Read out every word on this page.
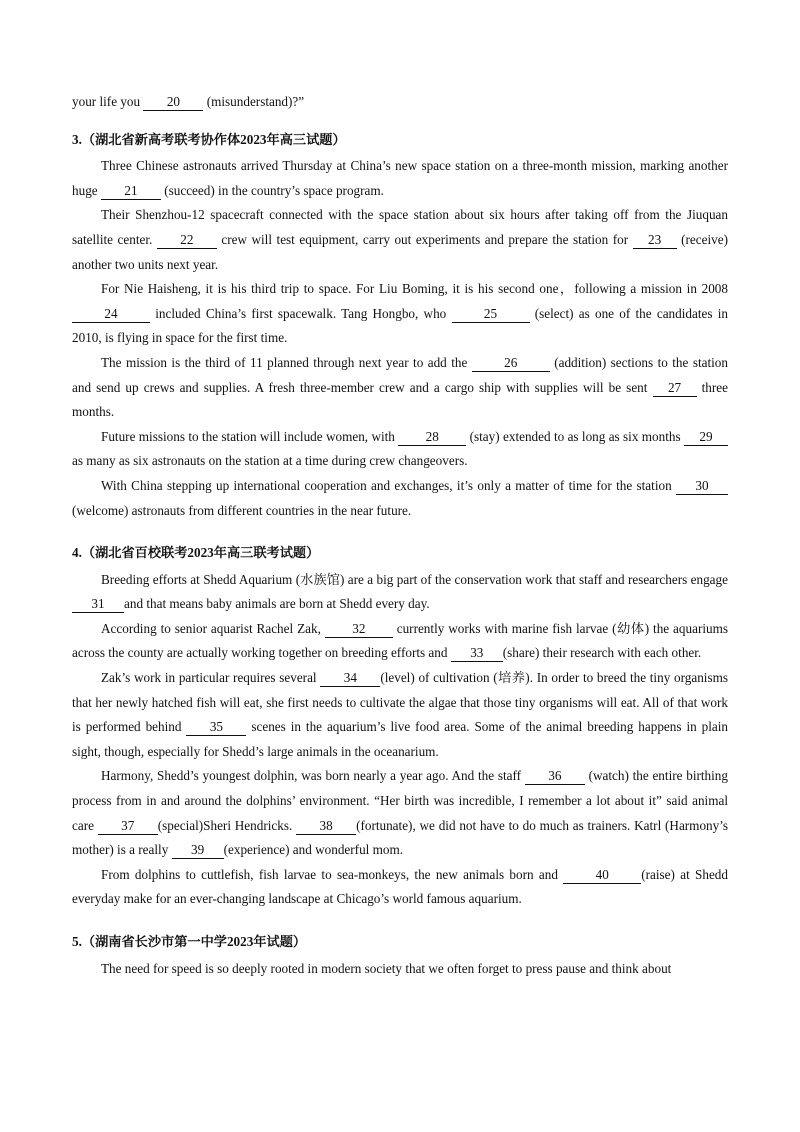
your life you 20 (misunderstand)?”

3.（湖北省新高考联考协作体2023年高三试题）

Three Chinese astronauts arrived Thursday at China’s new space station on a three-month mission, marking another huge 21 (succeed) in the country’s space program.

Their Shenzhou-12 spacecraft connected with the space station about six hours after taking off from the Jiuquan satellite center. 22 crew will test equipment, carry out experiments and prepare the station for 23 (receive) another two units next year.

For Nie Haisheng, it is his third trip to space. For Liu Boming, it is his second one，following a mission in 2008 24 included China’s first spacewalk. Tang Hongbo, who 25 (select) as one of the candidates in 2010, is flying in space for the first time.

The mission is the third of 11 planned through next year to add the 26 (addition) sections to the station and send up crews and supplies. A fresh three-member crew and a cargo ship with supplies will be sent 27 three months.

Future missions to the station will include women, with 28 (stay) extended to as long as six months 29 as many as six astronauts on the station at a time during crew changeovers.

With China stepping up international cooperation and exchanges, it’s only a matter of time for the station 30 (welcome) astronauts from different countries in the near future.

4.（湖北省百校联考2023年高三联考试题）

Breeding efforts at Shedd Aquarium (水族馆) are a big part of the conservation work that staff and researchers engage 31 and that means baby animals are born at Shedd every day.

According to senior aquarist Rachel Zak, 32 currently works with marine fish larvae (幼体) the aquariums across the county are actually working together on breeding efforts and 33 (share) their research with each other.

Zak’s work in particular requires several 34 (level) of cultivation (培养). In order to breed the tiny organisms that her newly hatched fish will eat, she first needs to cultivate the algae that those tiny organisms will eat. All of that work is performed behind 35 scenes in the aquarium’s live food area. Some of the animal breeding happens in plain sight, though, especially for Shedd’s large animals in the oceanarium.

Harmony, Shedd’s youngest dolphin, was born nearly a year ago. And the staff 36 (watch) the entire birthing process from in and around the dolphins’ environment. “Her birth was incredible, I remember a lot about it” said animal care 37 (special)Sheri Hendricks. 38 (fortunate), we did not have to do much as trainers. Katrl (Harmony’s mother) is a really 39 (experience) and wonderful mom.

From dolphins to cuttlefish, fish larvae to sea-monkeys, the new animals born and 40 (raise) at Shedd everyday make for an ever-changing landscape at Chicago’s world famous aquarium.

5.（湖南省长沙市第一中学2023年试题）

The need for speed is so deeply rooted in modern society that we often forget to press pause and think about
